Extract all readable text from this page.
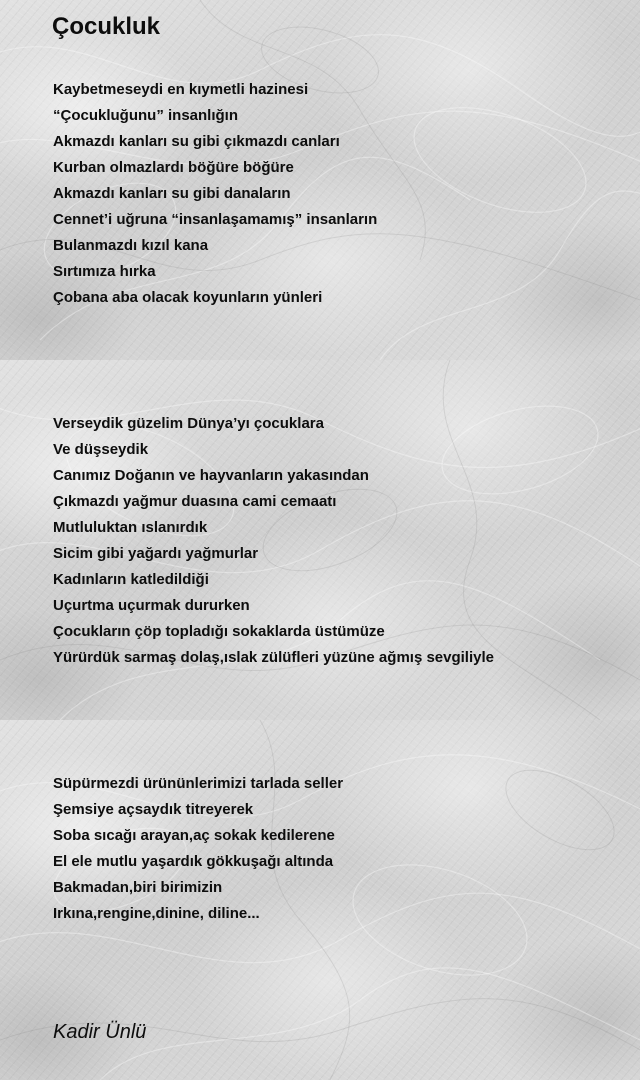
Çocukluk
Kaybetmeseydi en kıymetli hazinesi
“Çocukluğunu” insanlığın
Akmazdı kanları su gibi çıkmazdı canları
Kurban olmazlardı böğüre böğüre
Akmazdı kanları su gibi danaların
Cennet’i uğruna “insanlaşamamış” insanların
Bulanmazdı kızıl kana
Sırtımıza hırka
Çobana aba olacak koyunların yünleri
Verseydik güzelim Dünya’yı çocuklara
Ve düşseydik
Canımız Doğanın ve hayvanların yakasından
Çıkmazdı yağmur duasına cami cemaatı
Mutluluktan ıslanırdık
Sicim gibi yağardı yağmurlar
Kadınların katledildiği
Uçurtma uçurmak dururken
Çocukların çöp topladığı sokaklarda üstümüze
Yürürdük sarmaş dolaş,ıslak zülüfleri yüzüne ağmış sevgiliyle
Süpürmezdi ürününlerimizi tarlada seller
Şemsiye açsaydık titreyerek
Soba sıcağı arayan,aç sokak kedilerene
El ele mutlu yaşardık gökkuşağı altında
Bakmadan,biri birimizin
Irkına,rengine,dinine, diline...

Kadir Ünlü
